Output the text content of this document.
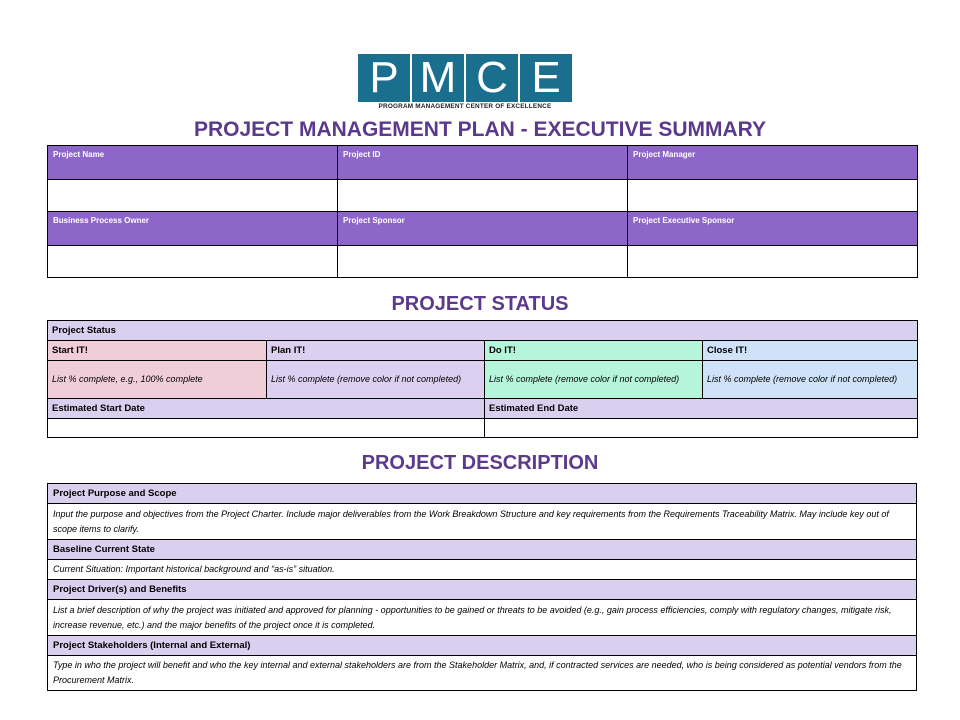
P M C E
PROGRAM MANAGEMENT CENTER OF EXCELLENCE
PROJECT MANAGEMENT PLAN - EXECUTIVE SUMMARY
Project Name	Project ID	Project Manager

Business Process Owner	Project Sponsor	Project Executive Sponsor

PROJECT STATUS
Project Status			
Start IT!	Plan IT!	Do IT!	Close IT!
List % complete, e.g., 100% complete	List % complete (remove color if not completed)	List % complete (remove color if not completed)	List % complete (remove color if not completed)
Estimated Start Date		Estimated End Date	

PROJECT DESCRIPTION
Project Purpose and Scope
Input the purpose and objectives from the Project Charter. Include major deliverables from the Work Breakdown Structure and key requirements from the Requirements Traceability Matrix. May include key out of scope items to clarify.
Baseline Current State
Current Situation: Important historical background and “as-is” situation.
Project Driver(s) and Benefits
List a brief description of why the project was initiated and approved for planning - opportunities to be gained or threats to be avoided (e.g., gain process efficiencies, comply with regulatory changes, mitigate risk, increase revenue, etc.) and the major benefits of the project once it is completed.
Project Stakeholders (Internal and External)
Type in who the project will benefit and who the key internal and external stakeholders are from the Stakeholder Matrix, and, if contracted services are needed, who is being considered as potential vendors from the Procurement Matrix.
